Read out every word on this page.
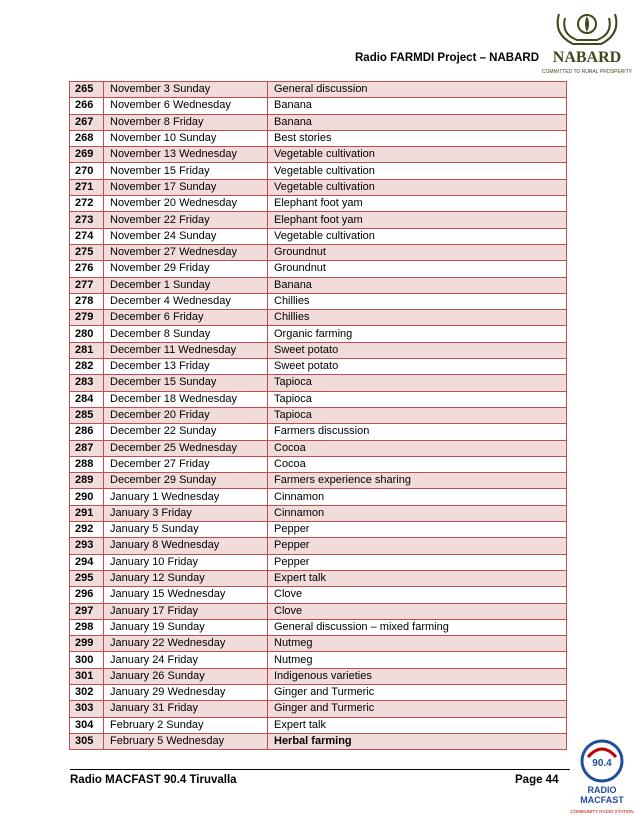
Radio FARMDI Project – NABARD NABARD
COMMITTED TO RURAL PROSPERITY
265	November 3 Sunday	General discussion
266	November 6 Wednesday	Banana
267	November 8 Friday	Banana
268	November 10 Sunday	Best stories
269	November 13 Wednesday	Vegetable cultivation
270	November 15 Friday	Vegetable cultivation
271	November 17 Sunday	Vegetable cultivation
272	November 20 Wednesday	Elephant foot yam
273	November 22 Friday	Elephant foot yam
274	November 24 Sunday	Vegetable cultivation
275	November 27 Wednesday	Groundnut
276	November 29 Friday	Groundnut
277	December 1 Sunday	Banana
278	December 4 Wednesday	Chillies
279	December 6 Friday	Chillies
280	December 8 Sunday	Organic farming
281	December 11 Wednesday	Sweet potato
282	December 13 Friday	Sweet potato
283	December 15 Sunday	Tapioca
284	December 18 Wednesday	Tapioca
285	December 20 Friday	Tapioca
286	December 22 Sunday	Farmers discussion
287	December 25 Wednesday	Cocoa
288	December 27 Friday	Cocoa
289	December 29 Sunday	Farmers experience sharing
290	January 1 Wednesday	Cinnamon
291	January 3 Friday	Cinnamon
292	January 5 Sunday	Pepper
293	January 8 Wednesday	Pepper
294	January 10 Friday	Pepper
295	January 12 Sunday	Expert talk
296	January 15 Wednesday	Clove
297	January 17 Friday	Clove
298	January 19 Sunday	General discussion – mixed farming
299	January 22 Wednesday	Nutmeg
300	January 24 Friday	Nutmeg
301	January 26 Sunday	Indigenous varieties
302	January 29 Wednesday	Ginger and Turmeric
303	January 31 Friday	Ginger and Turmeric
304	February 2 Sunday	Expert talk
305	February 5 Wednesday	Herbal farming
Radio MACFAST 90.4 Tiruvalla	Page 44
90.4
RADIO
MACFAST
COMMUNITY RADIO STATION
